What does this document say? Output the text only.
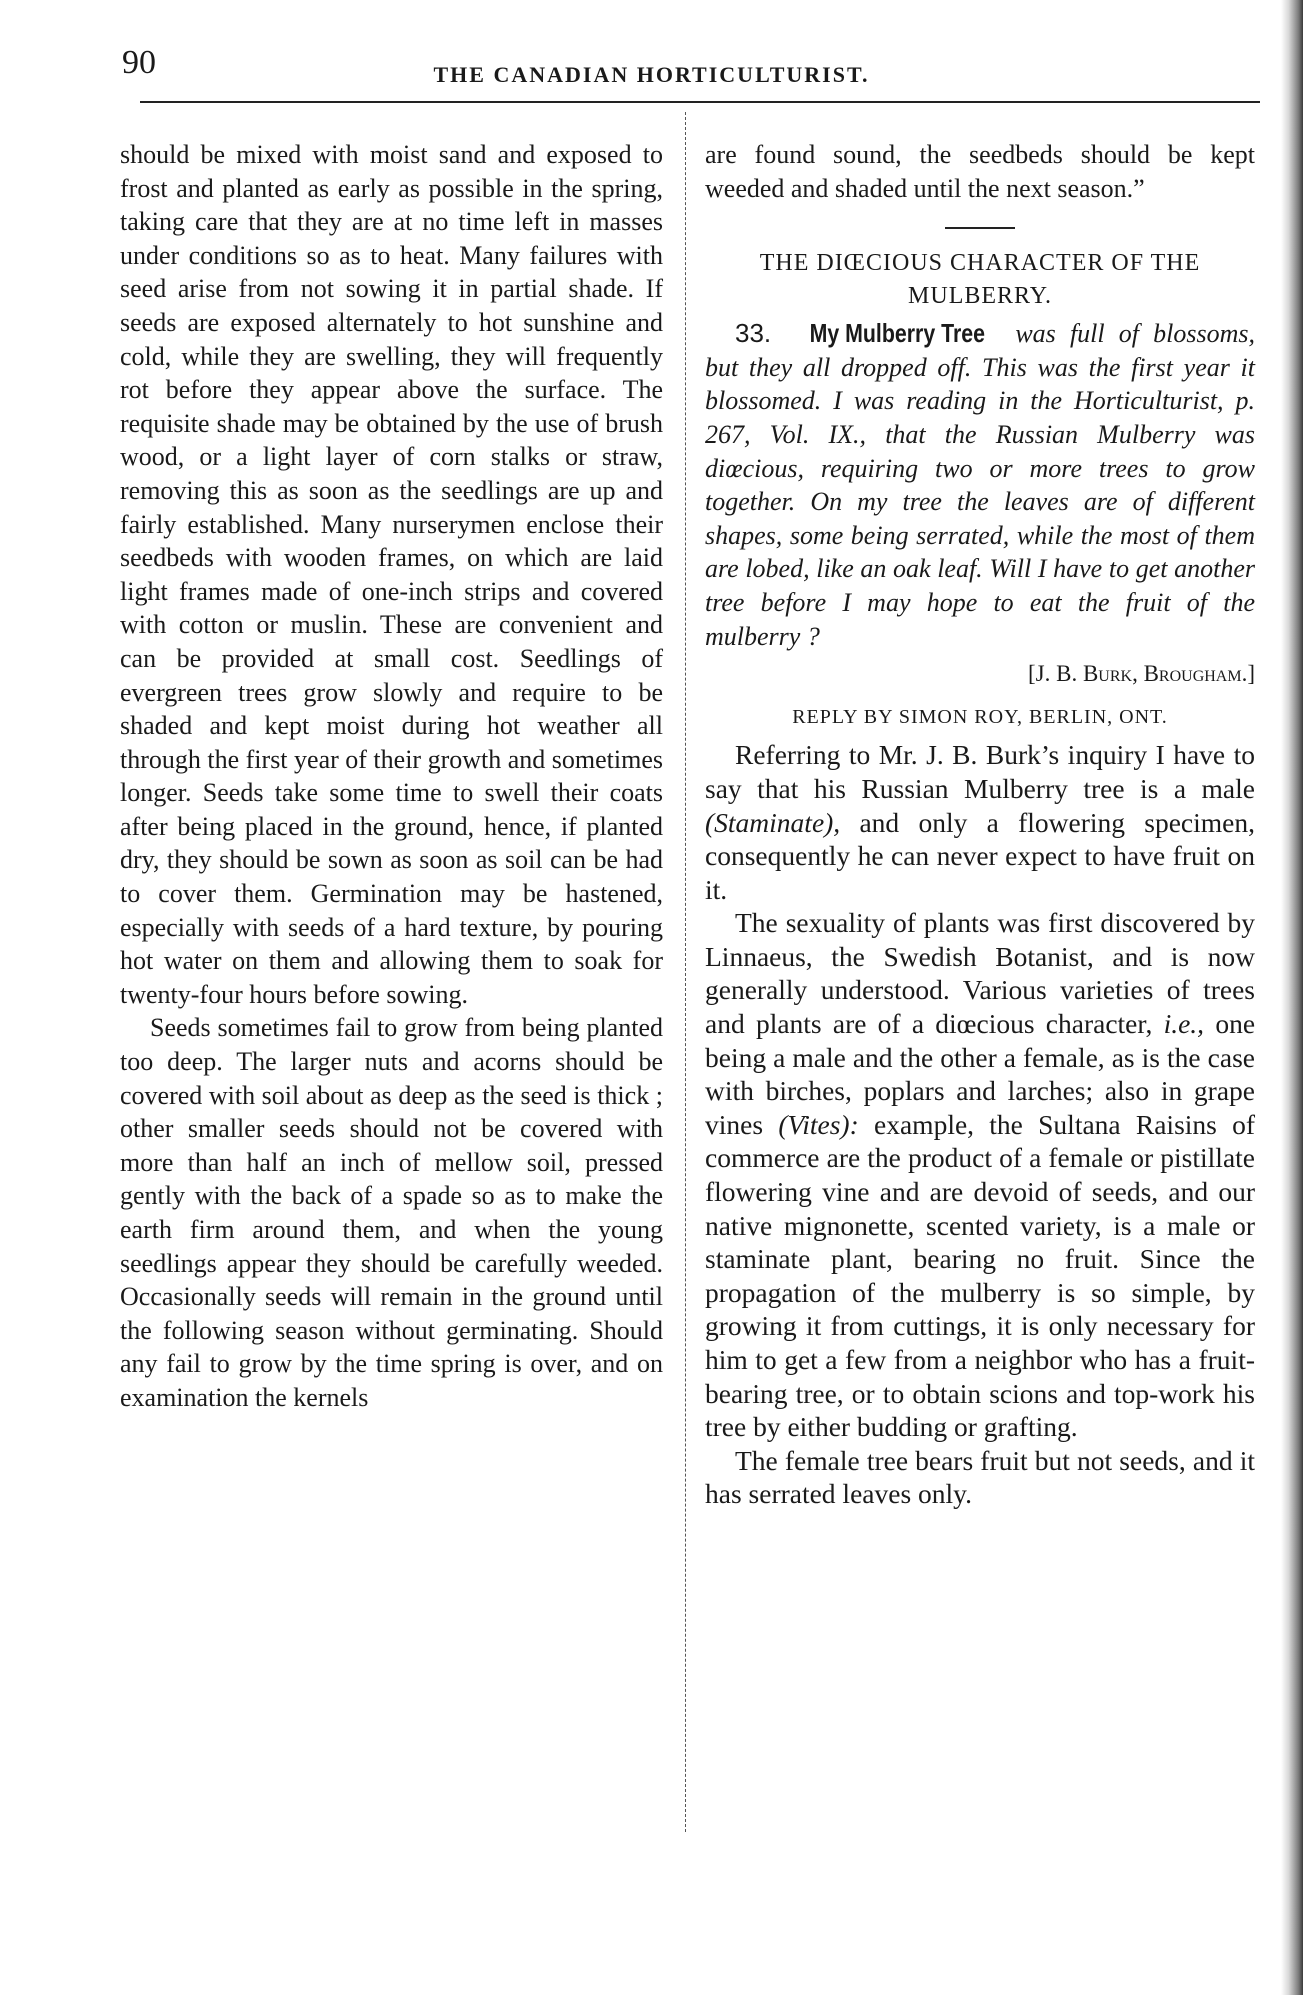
90	THE CANADIAN HORTICULTURIST.

should be mixed with moist sand and exposed to frost and planted as early as possible in the spring, taking care that they are at no time left in masses under conditions so as to heat. Many failures with seed arise from not sowing it in partial shade. If seeds are exposed alternately to hot sunshine and cold, while they are swelling, they will frequently rot before they appear above the surface. The requisite shade may be obtained by the use of brush wood, or a light layer of corn stalks or straw, removing this as soon as the seedlings are up and fairly established. Many nurserymen enclose their seedbeds with wooden frames, on which are laid light frames made of one-inch strips and covered with cotton or muslin. These are convenient and can be provided at small cost. Seedlings of evergreen trees grow slowly and require to be shaded and kept moist during hot weather all through the first year of their growth and sometimes longer. Seeds take some time to swell their coats after being placed in the ground, hence, if planted dry, they should be sown as soon as soil can be had to cover them. Germination may be hastened, especially with seeds of a hard texture, by pouring hot water on them and allowing them to soak for twenty-four hours before sowing.

Seeds sometimes fail to grow from being planted too deep. The larger nuts and acorns should be covered with soil about as deep as the seed is thick ; other smaller seeds should not be covered with more than half an inch of mellow soil, pressed gently with the back of a spade so as to make the earth firm around them, and when the young seedlings appear they should be carefully weeded. Occasionally seeds will remain in the ground until the following season without germinating. Should any fail to grow by the time spring is over, and on examination the kernels

are found sound, the seedbeds should be kept weeded and shaded until the next season.”

THE DIŒCIOUS CHARACTER OF THE MULBERRY.

33. My Mulberry Tree was full of blossoms, but they all dropped off. This was the first year it blossomed. I was reading in the Horticulturist, p. 267, Vol. IX., that the Russian Mulberry was diœcious, requiring two or more trees to grow together. On my tree the leaves are of different shapes, some being serrated, while the most of them are lobed, like an oak leaf. Will I have to get another tree before I may hope to eat the fruit of the mulberry ?

[J. B. Burk, Brougham.]
REPLY BY SIMON ROY, BERLIN, ONT.

Referring to Mr. J. B. Burk’s inquiry I have to say that his Russian Mulberry tree is a male (Staminate), and only a flowering specimen, consequently he can never expect to have fruit on it.

The sexuality of plants was first discovered by Linnaeus, the Swedish Botanist, and is now generally understood. Various varieties of trees and plants are of a diœcious character, i.e., one being a male and the other a female, as is the case with birches, poplars and larches; also in grape vines (Vites): example, the Sultana Raisins of commerce are the product of a female or pistillate flowering vine and are devoid of seeds, and our native mignonette, scented variety, is a male or staminate plant, bearing no fruit. Since the propagation of the mulberry is so simple, by growing it from cuttings, it is only necessary for him to get a few from a neighbor who has a fruit-bearing tree, or to obtain scions and top-work his tree by either budding or grafting.

The female tree bears fruit but not seeds, and it has serrated leaves only.
